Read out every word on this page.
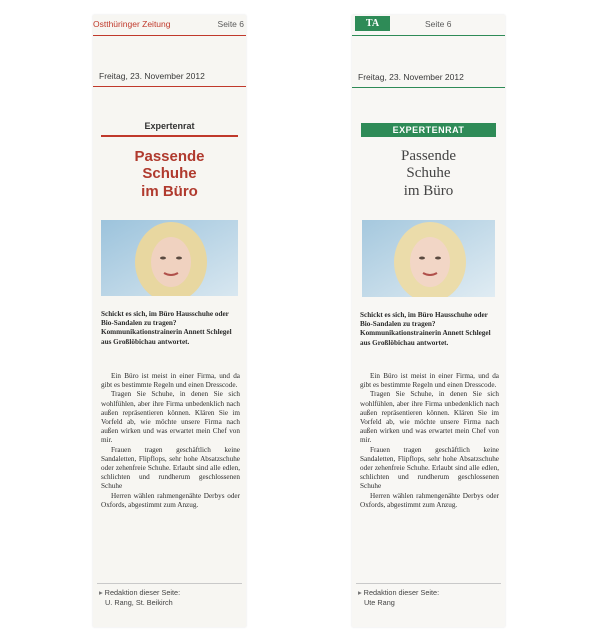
Ostthüringer Zeitung	Seite 6
Freitag, 23. November 2012
Expertenrat
Passende
Schuhe
im Büro

Schickt es sich, im Büro Hausschuhe oder Bio-Sandalen zu tragen?

Kommunikationstrainerin Annett Schlegel aus Großlöbichau antwortet.

Ein Büro ist meist in einer Firma, und da gibt es bestimmte Regeln und einen Dresscode.

Tragen Sie Schuhe, in denen Sie sich wohlfühlen, aber ihre Firma unbedenklich nach außen repräsentieren können. Klären Sie im Vorfeld ab, wie möchte unsere Firma nach außen wirken und was erwartet mein Chef von mir.

Frauen tragen geschäftlich keine Sandaletten, Flipflops, sehr hohe Absatzschuhe oder zehenfreie Schuhe. Erlaubt sind alle edlen, schlichten und rundherum geschlossenen Schuhe

Herren wählen rahmengenähte Derbys oder Oxfords, abgestimmt zum Anzug.

▸ Redaktion dieser Seite:
U. Rang, St. Beikirch
TA	Seite 6
Freitag, 23. November 2012
EXPERTENRAT
Passende
Schuhe
im Büro

Schickt es sich, im Büro Hausschuhe oder Bio-Sandalen zu tragen?

Kommunikationstrainerin Annett Schlegel aus Großlöbichau antwortet.

Ein Büro ist meist in einer Firma, und da gibt es bestimmte Regeln und einen Dresscode.

Tragen Sie Schuhe, in denen Sie sich wohlfühlen, aber ihre Firma unbedenklich nach außen repräsentieren können. Klären Sie im Vorfeld ab, wie möchte unsere Firma nach außen wirken und was erwartet mein Chef von mir.

Frauen tragen geschäftlich keine Sandaletten, Flipflops, sehr hohe Absatzschuhe oder zehenfreie Schuhe. Erlaubt sind alle edlen, schlichten und rundherum geschlossenen Schuhe

Herren wählen rahmengenähte Derbys oder Oxfords, abgestimmt zum Anzug.

▸ Redaktion dieser Seite:
Ute Rang
